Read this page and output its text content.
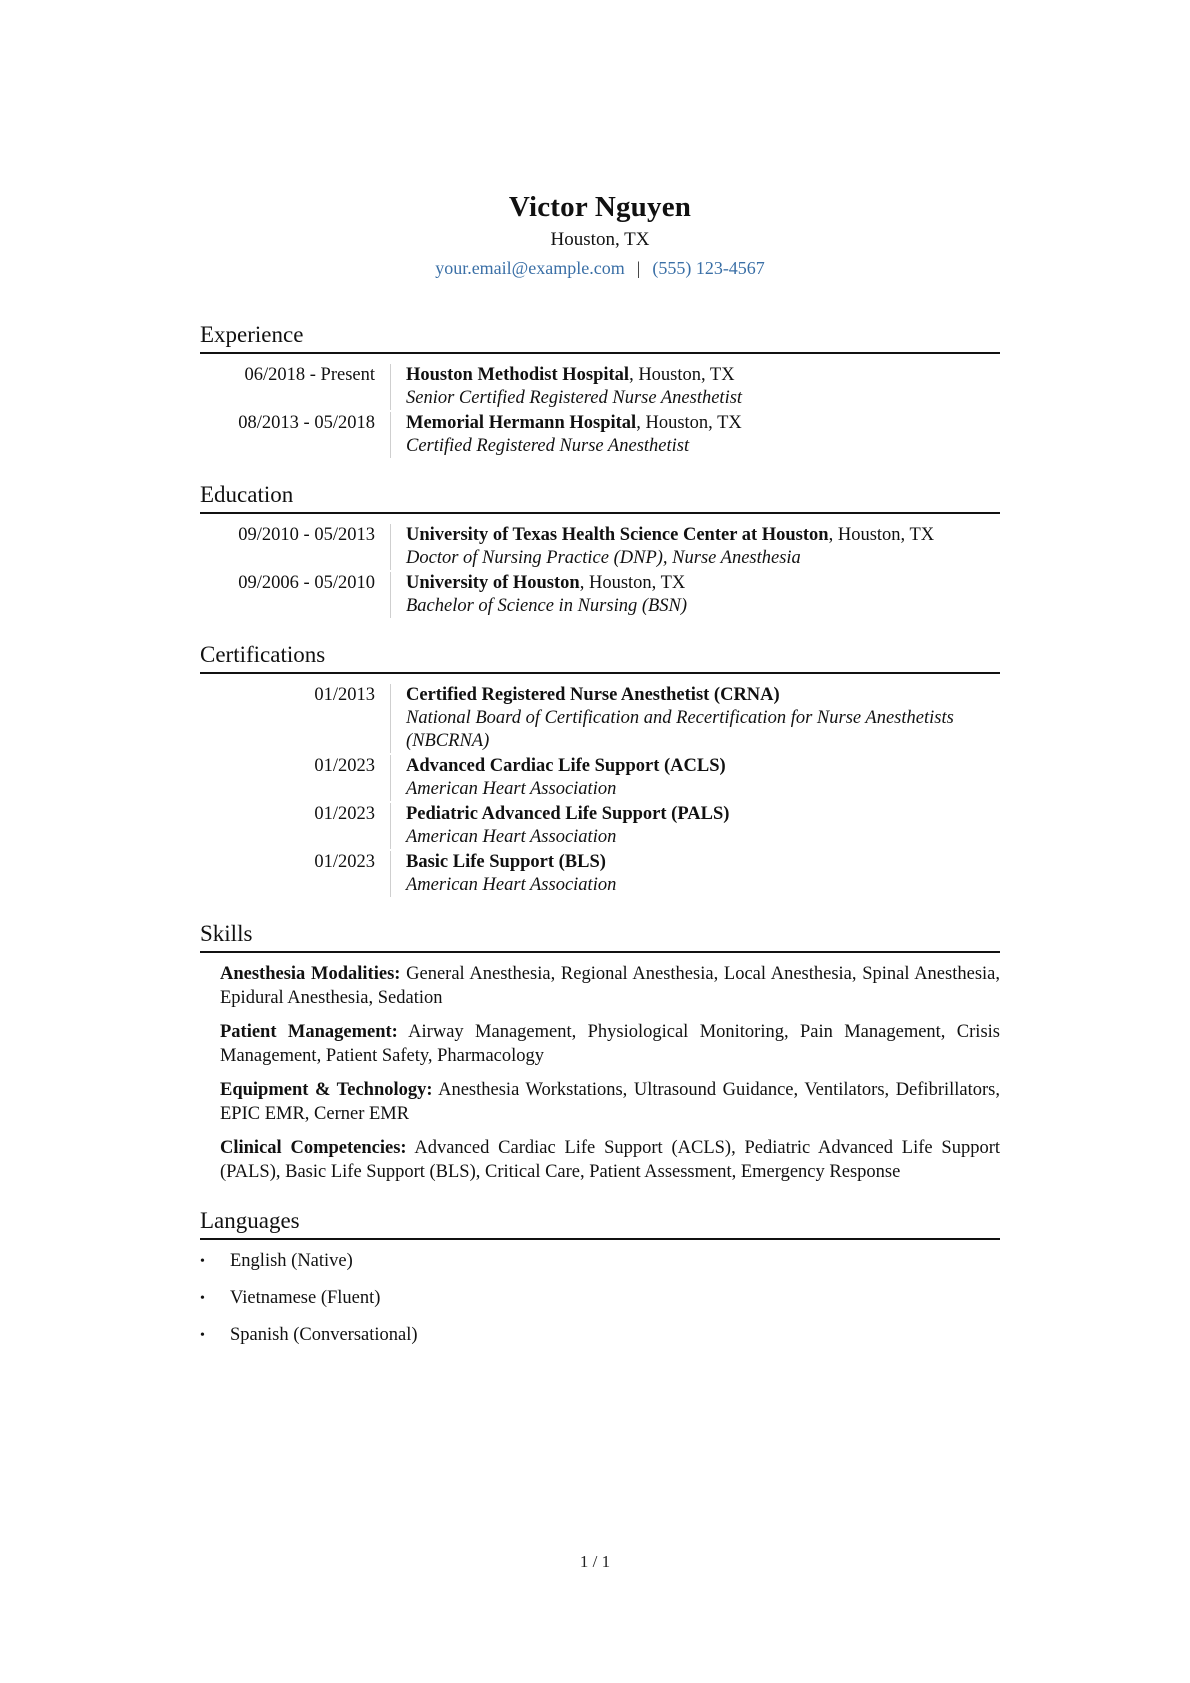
Victor Nguyen
Houston, TX
your.email@example.com | (555) 123-4567
Experience
06/2018 - Present	Houston Methodist Hospital, Houston, TX
Senior Certified Registered Nurse Anesthetist
08/2013 - 05/2018	Memorial Hermann Hospital, Houston, TX
Certified Registered Nurse Anesthetist
Education
09/2010 - 05/2013	University of Texas Health Science Center at Houston, Houston, TX
Doctor of Nursing Practice (DNP), Nurse Anesthesia
09/2006 - 05/2010	University of Houston, Houston, TX
Bachelor of Science in Nursing (BSN)
Certifications
01/2013	Certified Registered Nurse Anesthetist (CRNA)
National Board of Certification and Recertification for Nurse Anesthetists (NBCRNA)
01/2023	Advanced Cardiac Life Support (ACLS)
American Heart Association
01/2023	Pediatric Advanced Life Support (PALS)
American Heart Association
01/2023	Basic Life Support (BLS)
American Heart Association
Skills
Anesthesia Modalities: General Anesthesia, Regional Anesthesia, Local Anesthesia, Spinal Anesthesia, Epidural Anesthesia, Sedation
Patient Management: Airway Management, Physiological Monitoring, Pain Management, Crisis Management, Patient Safety, Pharmacology
Equipment & Technology: Anesthesia Workstations, Ultrasound Guidance, Ventilators, Defibrillators, EPIC EMR, Cerner EMR
Clinical Competencies: Advanced Cardiac Life Support (ACLS), Pediatric Advanced Life Support (PALS), Basic Life Support (BLS), Critical Care, Patient Assessment, Emergency Response
Languages
• English (Native)
• Vietnamese (Fluent)
• Spanish (Conversational)
1 / 1
